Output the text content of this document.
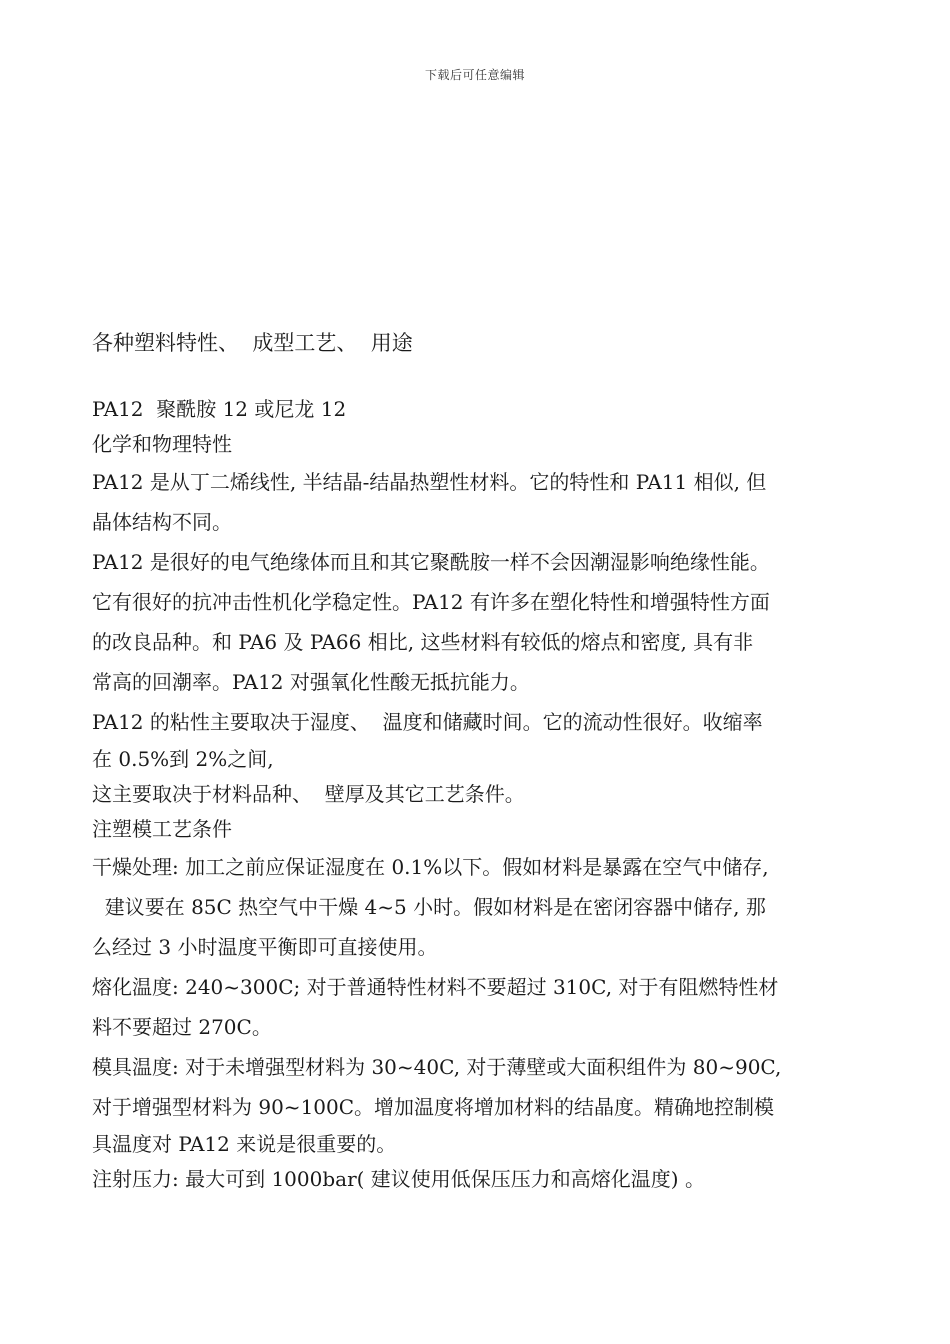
下载后可任意编辑
各种塑料特性、  成型工艺、  用途
PA12  聚酰胺 12 或尼龙 12
化学和物理特性
PA12 是从丁二烯线性, 半结晶-结晶热塑性材料。它的特性和 PA11 相似, 但
晶体结构不同。
PA12 是很好的电气绝缘体而且和其它聚酰胺一样不会因潮湿影响绝缘性能。
它有很好的抗冲击性机化学稳定性。PA12 有许多在塑化特性和增强特性方面
的改良品种。和 PA6 及 PA66 相比, 这些材料有较低的熔点和密度, 具有非
常高的回潮率。PA12 对强氧化性酸无抵抗能力。
PA12 的粘性主要取决于湿度、  温度和储藏时间。它的流动性很好。收缩率
在 0.5%到 2%之间,
这主要取决于材料品种、  壁厚及其它工艺条件。
注塑模工艺条件
干燥处理: 加工之前应保证湿度在 0.1%以下。假如材料是暴露在空气中储存,
建议要在 85C 热空气中干燥 4~5 小时。假如材料是在密闭容器中储存, 那
么经过 3 小时温度平衡即可直接使用。
熔化温度: 240~300C; 对于普通特性材料不要超过 310C, 对于有阻燃特性材
料不要超过 270C。
模具温度: 对于未增强型材料为 30~40C, 对于薄壁或大面积组件为 80~90C,
对于增强型材料为 90~100C。增加温度将增加材料的结晶度。精确地控制模
具温度对 PA12 来说是很重要的。
注射压力: 最大可到 1000bar( 建议使用低保压压力和高熔化温度) 。
